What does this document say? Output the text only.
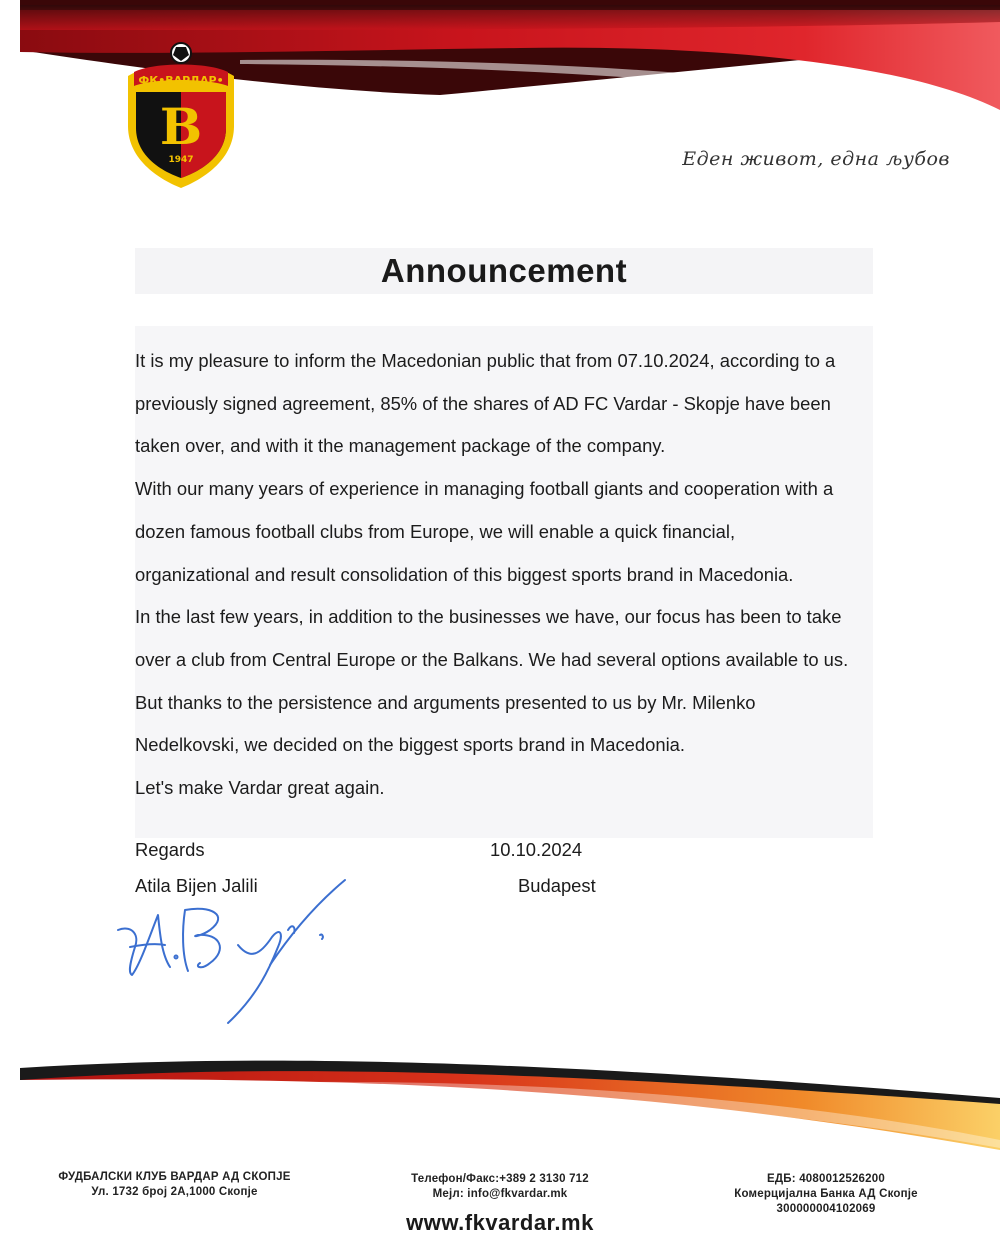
ФК•ВАРДАР•
В
1947	Еден живот, една љубов
Announcement

It is my pleasure to inform the Macedonian public that from 07.10.2024, according to a

previously signed agreement, 85% of the shares of AD FC Vardar - Skopje have been

taken over, and with it the management package of the company.

With our many years of experience in managing football giants and cooperation with a

dozen famous football clubs from Europe, we will enable a quick financial,

organizational and result consolidation of this biggest sports brand in Macedonia.

In the last few years, in addition to the businesses we have, our focus has been to take

over a club from Central Europe or the Balkans. We had several options available to us.

But thanks to the persistence and arguments presented to us by Mr. Milenko

Nedelkovski, we decided on the biggest sports brand in Macedonia.

Let's make Vardar great again.

Regards	10.10.2024
Atila Bijen Jalili	Budapest
ФУДБАЛСКИ КЛУБ ВАРДАР АД СКОПЈЕ
Ул. 1732 број 2А,1000 Скопје
Телефон/Факс:+389 2 3130 712
Мејл: info@fkvardar.mk
ЕДБ: 4080012526200
Комерцијална Банка АД Скопје
300000004102069
www.fkvardar.mk
